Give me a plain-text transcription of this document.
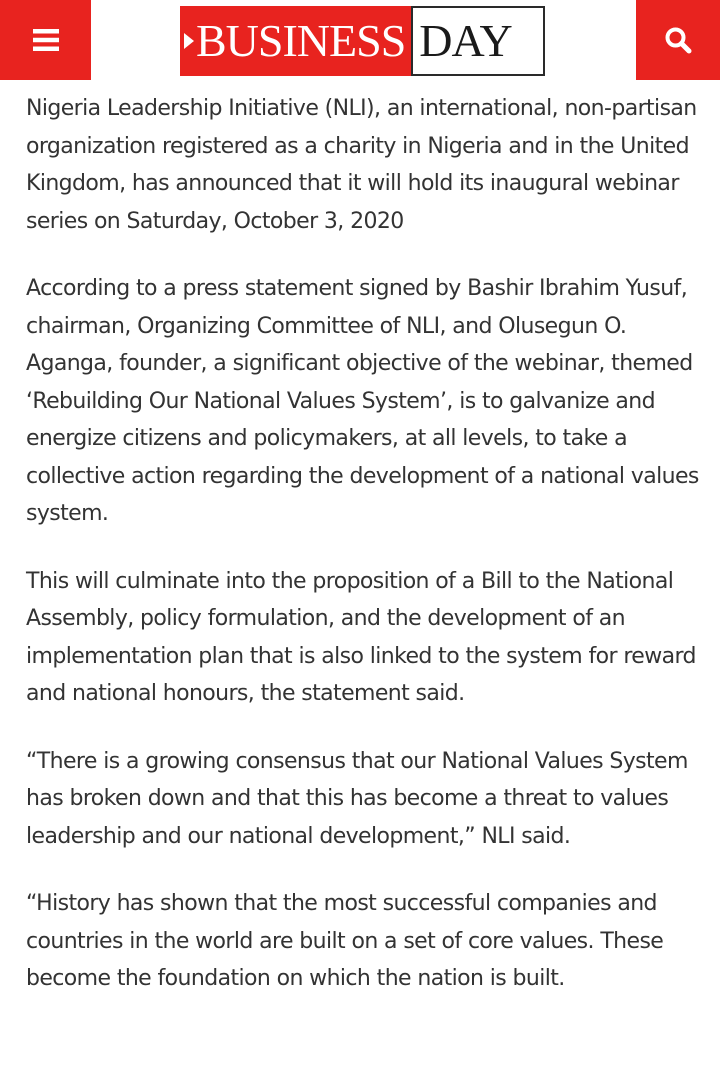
BUSINESS DAY

Nigeria Leadership Initiative (NLI), an international, non-partisan organization registered as a charity in Nigeria and in the United Kingdom, has announced that it will hold its inaugural webinar series on Saturday, October 3, 2020

According to a press statement signed by Bashir Ibrahim Yusuf, chairman, Organizing Committee of NLI, and Olusegun O. Aganga, founder, a significant objective of the webinar, themed ‘Rebuilding Our National Values System’, is to galvanize and energize citizens and policymakers, at all levels, to take a collective action regarding the development of a national values system.

This will culminate into the proposition of a Bill to the National Assembly, policy formulation, and the development of an implementation plan that is also linked to the system for reward and national honours, the statement said.

“There is a growing consensus that our National Values System has broken down and that this has become a threat to values leadership and our national development,” NLI said.

“History has shown that the most successful companies and countries in the world are built on a set of core values. These become the foundation on which the nation is built.
